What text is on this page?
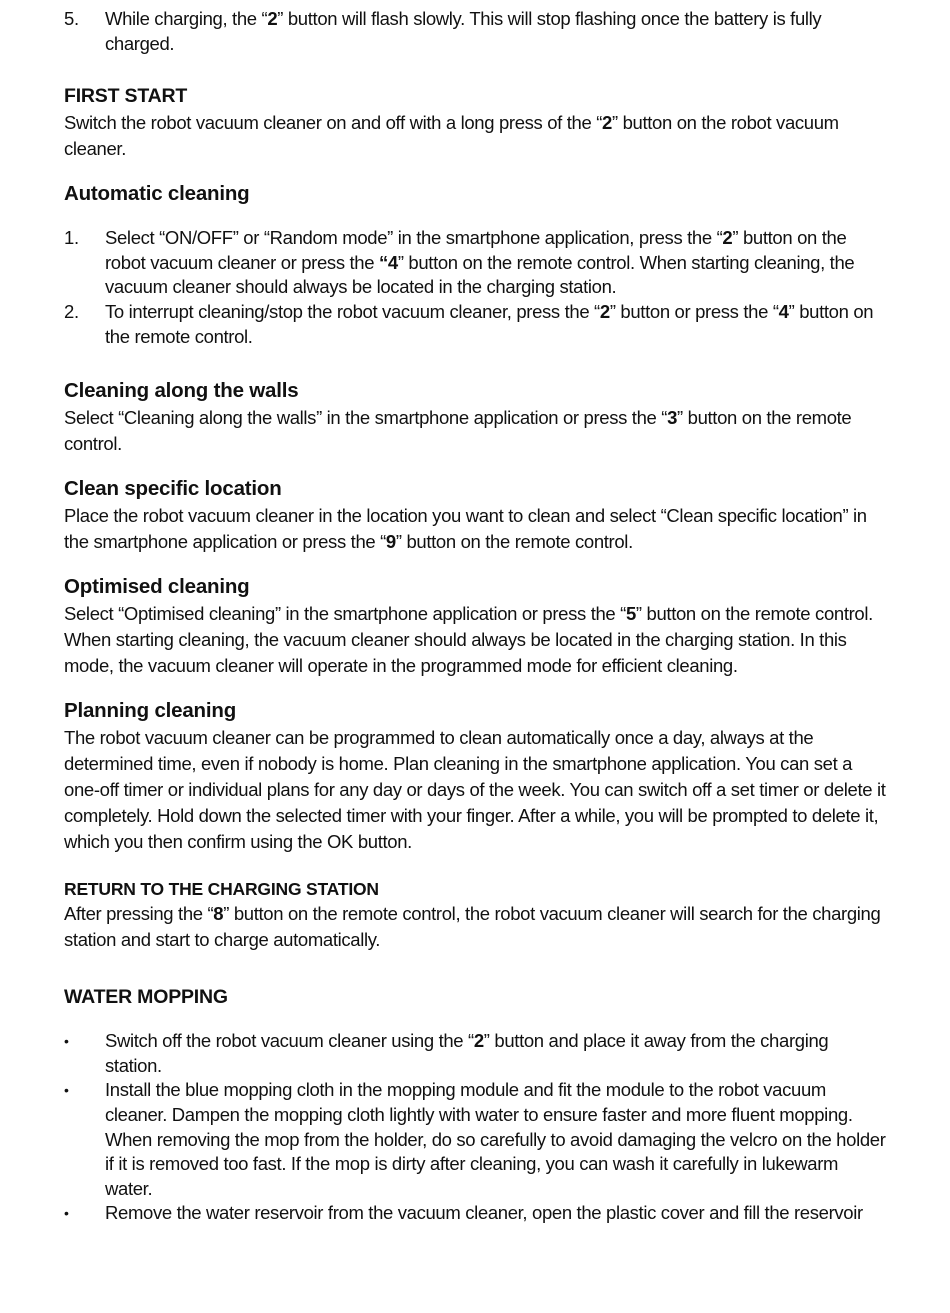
5. While charging, the “2” button will flash slowly. This will stop flashing once the battery is fully charged.
FIRST START

Switch the robot vacuum cleaner on and off with a long press of the “2” button on the robot vacuum cleaner.

Automatic cleaning
1. Select “ON/OFF” or “Random mode” in the smartphone application, press the “2” button on the robot vacuum cleaner or press the “4” button on the remote control. When starting cleaning, the vacuum cleaner should always be located in the charging station.
2. To interrupt cleaning/stop the robot vacuum cleaner, press the “2” button or press the “4” button on the remote control.
Cleaning along the walls

Select “Cleaning along the walls” in the smartphone application or press the “3” button on the remote control.

Clean specific location

Place the robot vacuum cleaner in the location you want to clean and select “Clean specific location” in the smartphone application or press the “9” button on the remote control.

Optimised cleaning

Select “Optimised cleaning” in the smartphone application or press the “5” button on the remote control. When starting cleaning, the vacuum cleaner should always be located in the charging station. In this mode, the vacuum cleaner will operate in the programmed mode for efficient cleaning.

Planning cleaning

The robot vacuum cleaner can be programmed to clean automatically once a day, always at the determined time, even if nobody is home. Plan cleaning in the smartphone application. You can set a one-off timer or individual plans for any day or days of the week. You can switch off a set timer or delete it completely. Hold down the selected timer with your finger. After a while, you will be prompted to delete it, which you then confirm using the OK button.

RETURN TO THE CHARGING STATION

After pressing the “8” button on the remote control, the robot vacuum cleaner will search for the charging station and start to charge automatically.

WATER MOPPING
• Switch off the robot vacuum cleaner using the “2” button and place it away from the charging station.
• Install the blue mopping cloth in the mopping module and fit the module to the robot vacuum cleaner. Dampen the mopping cloth lightly with water to ensure faster and more fluent mopping. When removing the mop from the holder, do so carefully to avoid damaging the velcro on the holder if it is removed too fast. If the mop is dirty after cleaning, you can wash it carefully in lukewarm water.
• Remove the water reservoir from the vacuum cleaner, open the plastic cover and fill the reservoir
